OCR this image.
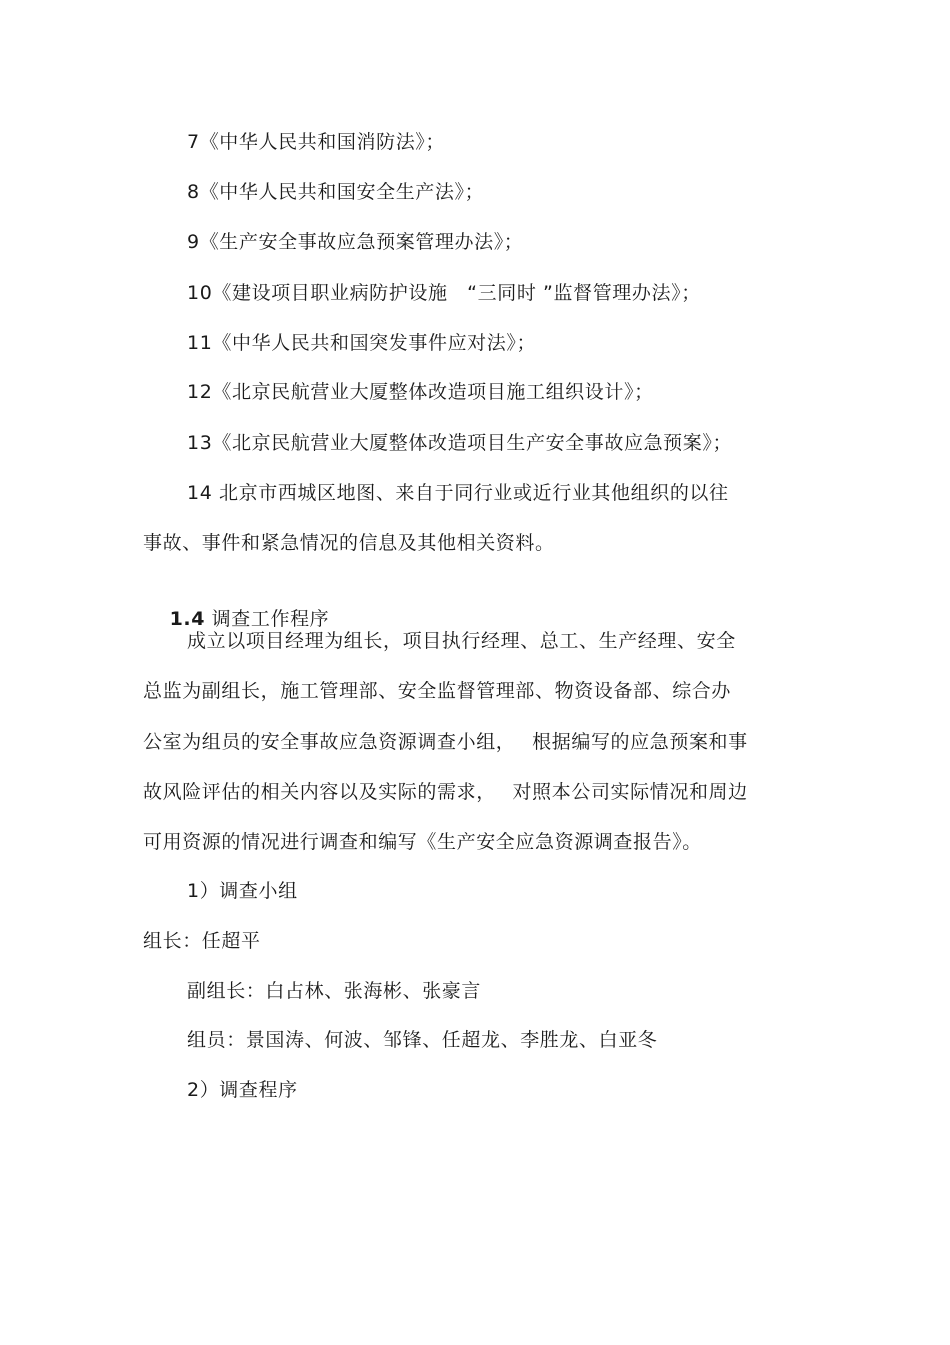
7《中华人民共和国消防法》；
8《中华人民共和国安全生产法》；
9《生产安全事故应急预案管理办法》；
10《建设项目职业病防护设施　“三同时 ”监督管理办法》；
11《中华人民共和国突发事件应对法》；
12《北京民航营业大厦整体改造项目施工组织设计》；
13《北京民航营业大厦整体改造项目生产安全事故应急预案》；
14 北京市西城区地图、来自于同行业或近行业其他组织的以往
事故、事件和紧急情况的信息及其他相关资料。

1.4 调查工作程序

成立以项目经理为组长，项目执行经理、总工、生产经理、安全
总监为副组长，施工管理部、安全监督管理部、物资设备部、综合办
公室为组员的安全事故应急资源调查小组，　 根据编写的应急预案和事
故风险评估的相关内容以及实际的需求，　 对照本公司实际情况和周边
可用资源的情况进行调查和编写《生产安全应急资源调查报告》。
1）调查小组
组长：任超平
副组长：白占林、张海彬、张豪言
组员：景国涛、何波、邹锋、任超龙、李胜龙、白亚冬
2）调查程序
